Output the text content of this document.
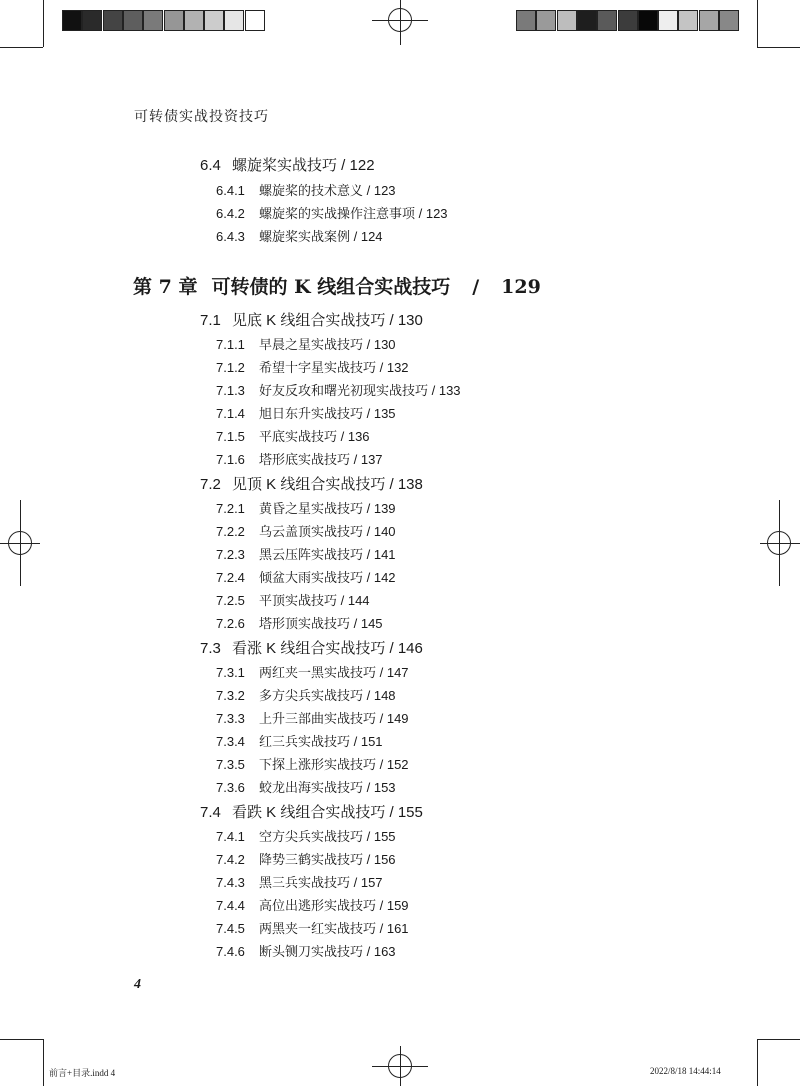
可转债实战投资技巧
6.4 螺旋桨实战技巧 / 122
6.4.1 螺旋桨的技术意义 / 123
6.4.2 螺旋桨的实战操作注意事项 / 123
6.4.3 螺旋桨实战案例 / 124
第 7 章 可转债的 K 线组合实战技巧 / 129
7.1 见底 K 线组合实战技巧 / 130
7.1.1 早晨之星实战技巧 / 130
7.1.2 希望十字星实战技巧 / 132
7.1.3 好友反攻和曙光初现实战技巧 / 133
7.1.4 旭日东升实战技巧 / 135
7.1.5 平底实战技巧 / 136
7.1.6 塔形底实战技巧 / 137
7.2 见顶 K 线组合实战技巧 / 138
7.2.1 黄昏之星实战技巧 / 139
7.2.2 乌云盖顶实战技巧 / 140
7.2.3 黑云压阵实战技巧 / 141
7.2.4 倾盆大雨实战技巧 / 142
7.2.5 平顶实战技巧 / 144
7.2.6 塔形顶实战技巧 / 145
7.3 看涨 K 线组合实战技巧 / 146
7.3.1 两红夹一黑实战技巧 / 147
7.3.2 多方尖兵实战技巧 / 148
7.3.3 上升三部曲实战技巧 / 149
7.3.4 红三兵实战技巧 / 151
7.3.5 下探上涨形实战技巧 / 152
7.3.6 蛟龙出海实战技巧 / 153
7.4 看跌 K 线组合实战技巧 / 155
7.4.1 空方尖兵实战技巧 / 155
7.4.2 降势三鹤实战技巧 / 156
7.4.3 黑三兵实战技巧 / 157
7.4.4 高位出逃形实战技巧 / 159
7.4.5 两黑夹一红实战技巧 / 161
7.4.6 断头铡刀实战技巧 / 163
4
前言+目录.indd 4	2022/8/18 14:44:14
